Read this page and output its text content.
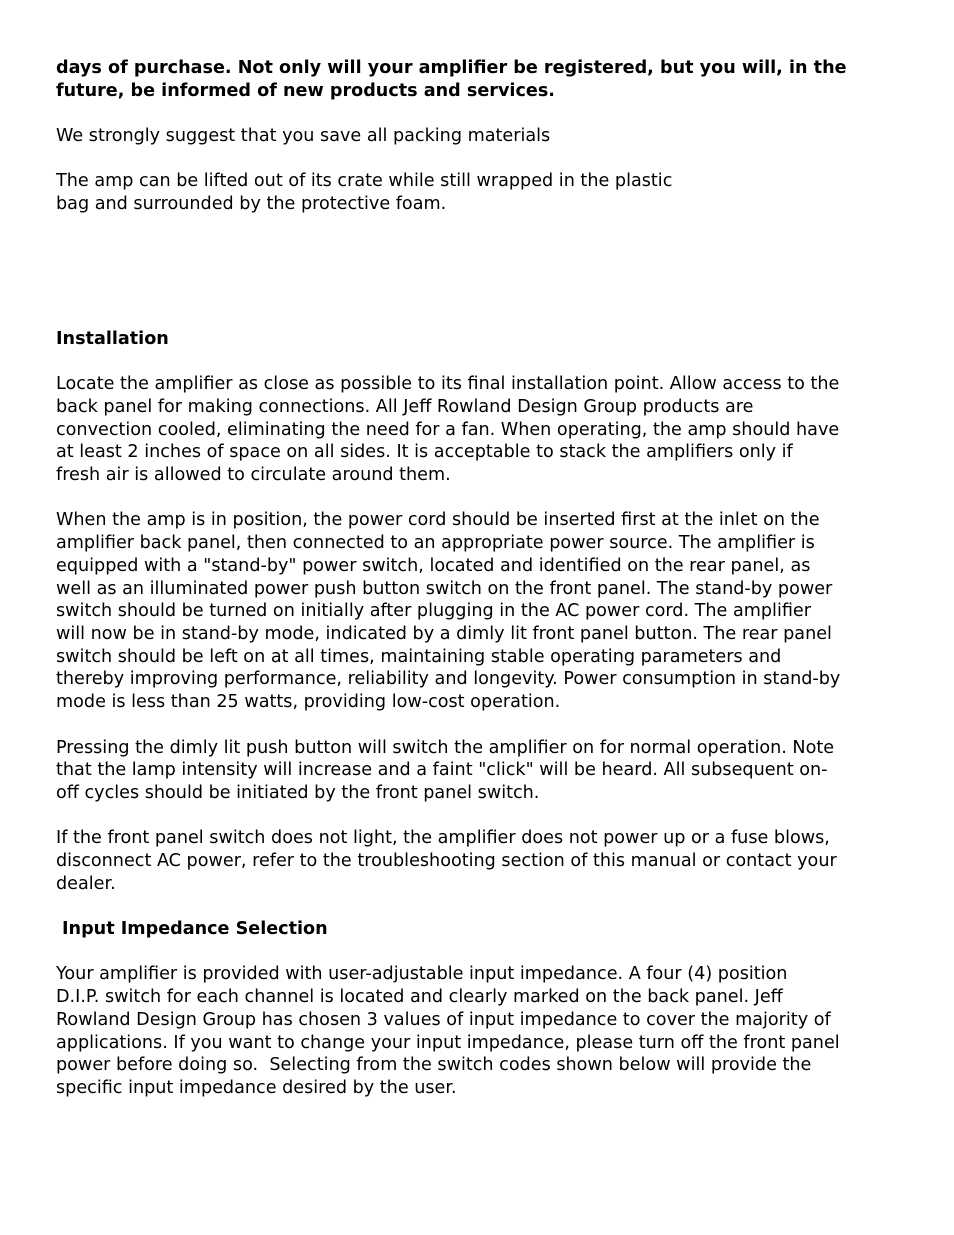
days of purchase. Not only will your amplifier be registered, but you will, in the
future, be informed of new products and services.

We strongly suggest that you save all packing materials

The amp can be lifted out of its crate while still wrapped in the plastic
bag and surrounded by the protective foam.

Installation

Locate the amplifier as close as possible to its final installation point. Allow access to the
back panel for making connections. All Jeff Rowland Design Group products are
convection cooled, eliminating the need for a fan. When operating, the amp should have
at least 2 inches of space on all sides. It is acceptable to stack the amplifiers only if
fresh air is allowed to circulate around them.

When the amp is in position, the power cord should be inserted first at the inlet on the
amplifier back panel, then connected to an appropriate power source. The amplifier is
equipped with a "stand-by" power switch, located and identified on the rear panel, as
well as an illuminated power push button switch on the front panel. The stand-by power
switch should be turned on initially after plugging in the AC power cord. The amplifier
will now be in stand-by mode, indicated by a dimly lit front panel button. The rear panel
switch should be left on at all times, maintaining stable operating parameters and
thereby improving performance, reliability and longevity. Power consumption in stand-by
mode is less than 25 watts, providing low-cost operation.

Pressing the dimly lit push button will switch the amplifier on for normal operation. Note
that the lamp intensity will increase and a faint "click" will be heard. All subsequent on-
off cycles should be initiated by the front panel switch.

If the front panel switch does not light, the amplifier does not power up or a fuse blows,
disconnect AC power, refer to the troubleshooting section of this manual or contact your
dealer.

Input Impedance Selection

Your amplifier is provided with user-adjustable input impedance. A four (4) position
D.I.P. switch for each channel is located and clearly marked on the back panel. Jeff
Rowland Design Group has chosen 3 values of input impedance to cover the majority of
applications. If you want to change your input impedance, please turn off the front panel
power before doing so.  Selecting from the switch codes shown below will provide the
specific input impedance desired by the user.
